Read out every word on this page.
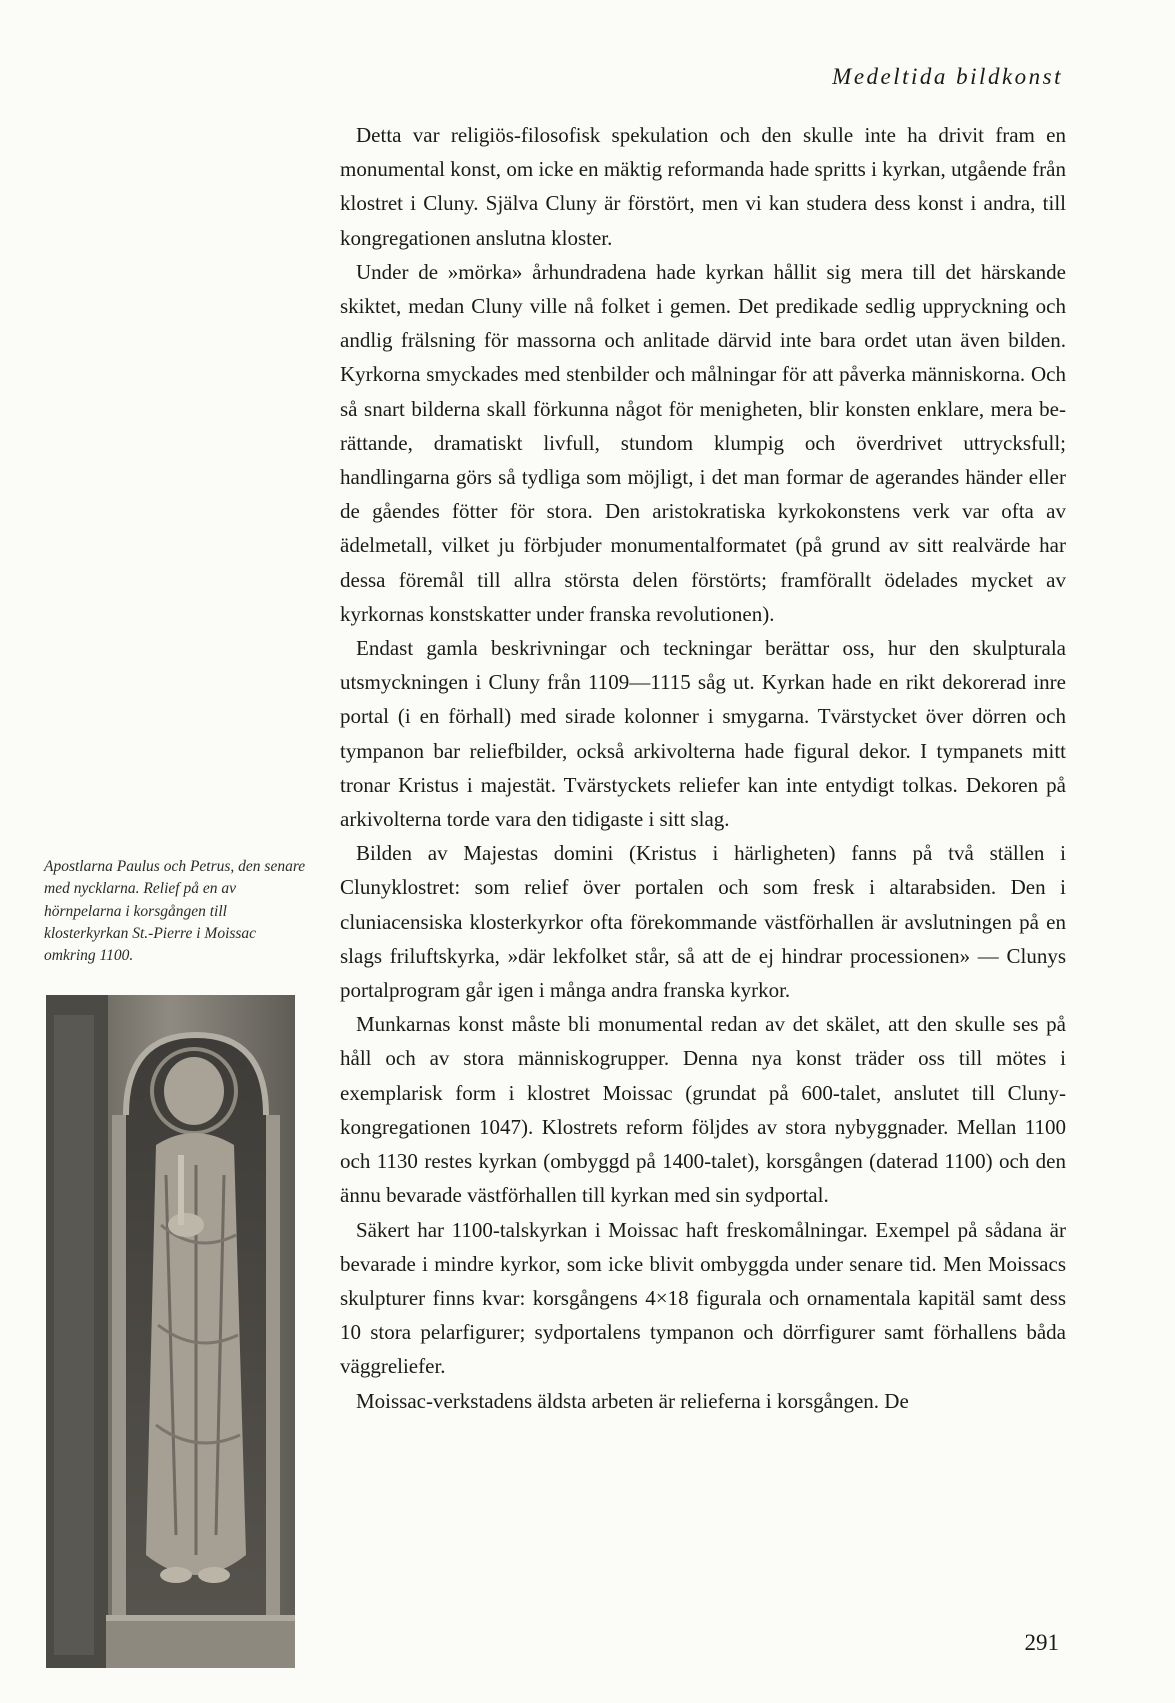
Medeltida bildkonst

Detta var religiös-filosofisk spekulation och den skulle inte ha drivit fram en monumental konst, om icke en mäktig reformanda hade spritts i kyrkan, utgående från klostret i Cluny. Själva Cluny är förstört, men vi kan studera dess konst i andra, till kongregationen anslutna kloster.

Under de »mörka» århundradena hade kyrkan hållit sig mera till det härskande skiktet, medan Cluny ville nå folket i gemen. Det predikade sedlig uppryckning och andlig frälsning för massorna och anlitade därvid inte bara ordet utan även bilden. Kyrkorna smyckades med stenbilder och målningar för att påverka människorna. Och så snart bilderna skall förkunna något för menigheten, blir konsten enklare, mera berättande, dramatiskt livfull, stundom klumpig och överdrivet uttrycksfull; handlingarna görs så tydliga som möjligt, i det man formar de agerandes händer eller de gåendes fötter för stora. Den aristokratiska kyrkokonstens verk var ofta av ädelmetall, vilket ju förbjuder monumentalformatet (på grund av sitt realvärde har dessa föremål till allra största delen förstörts; framförallt ödelades mycket av kyrkornas konstskatter under franska revolutionen).

Endast gamla beskrivningar och teckningar berättar oss, hur den skulpturala utsmyckningen i Cluny från 1109—1115 såg ut. Kyrkan hade en rikt dekorerad inre portal (i en förhall) med sirade kolonner i smygarna. Tvärstycket över dörren och tympanon bar reliefbilder, också arkivolterna hade figural dekor. I tympanets mitt tronar Kristus i majestät. Tvärstyckets reliefer kan inte entydigt tolkas. Dekoren på arkivolterna torde vara den tidigaste i sitt slag.

Bilden av Majestas domini (Kristus i härligheten) fanns på två ställen i Clunyklostret: som relief över portalen och som fresk i altarabsiden. Den i cluniacensiska klosterkyrkor ofta förekommande västförhallen är avslutningen på en slags friluftskyrka, »där lekfolket står, så att de ej hindrar processionen» — Clunys portalprogram går igen i många andra franska kyrkor.

Munkarnas konst måste bli monumental redan av det skälet, att den skulle ses på håll och av stora människogrupper. Denna nya konst träder oss till mötes i exemplarisk form i klostret Moissac (grundat på 600-talet, anslutet till Cluny-kongregationen 1047). Klostrets reform följdes av stora nybyggnader. Mellan 1100 och 1130 restes kyrkan (ombyggd på 1400-talet), korsgången (daterad 1100) och den ännu bevarade västförhallen till kyrkan med sin sydportal.

Säkert har 1100-talskyrkan i Moissac haft freskomålningar. Exempel på sådana är bevarade i mindre kyrkor, som icke blivit ombyggda under senare tid. Men Moissacs skulpturer finns kvar: korsgångens 4×18 figurala och ornamentala kapitäl samt dess 10 stora pelarfigurer; sydportalens tympanon och dörrfigurer samt förhallens båda väggreliefer.

Moissac-verkstadens äldsta arbeten är relieferna i korsgången. De

Apostlarna Paulus och Petrus, den senare med nycklarna. Relief på en av hörnpelarna i korsgången till klosterkyrkan St.-Pierre i Moissac omkring 1100.
291
